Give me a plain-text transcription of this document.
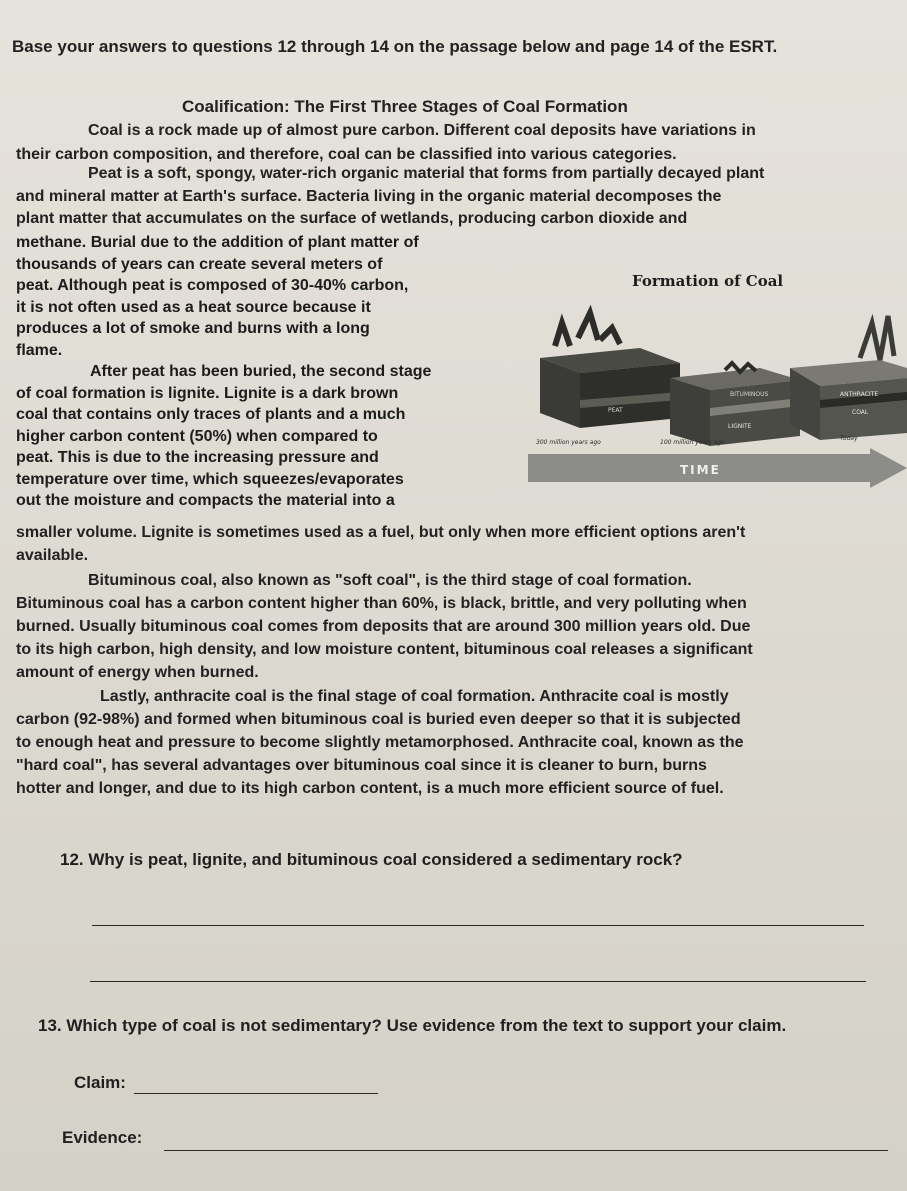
Base your answers to questions 12 through 14 on the passage below and page 14 of the ESRT.
Coalification: The First Three Stages of Coal Formation
Coal is a rock made up of almost pure carbon. Different coal deposits have variations in
their carbon composition, and therefore, coal can be classified into various categories.
Peat is a soft, spongy, water-rich organic material that forms from partially decayed plant
and mineral matter at Earth's surface. Bacteria living in the organic material decomposes the
plant matter that accumulates on the surface of wetlands, producing carbon dioxide and
methane. Burial due to the addition of plant matter of
thousands of years can create several meters of
peat. Although peat is composed of 30-40% carbon,
it is not often used as a heat source because it
produces a lot of smoke and burns with a long
flame.
After peat has been buried, the second stage
of coal formation is lignite. Lignite is a dark brown
coal that contains only traces of plants and a much
higher carbon content (50%) when compared to
peat. This is due to the increasing pressure and
temperature over time, which squeezes/evaporates
out the moisture and compacts the material into a
Formation of Coal
PEAT
BITUMINOUS
LIGNITE
ANTHRACITE
COAL
300 million years ago	100 million years ago
Today
TIME
smaller volume. Lignite is sometimes used as a fuel, but only when more efficient options aren't
available.
Bituminous coal, also known as "soft coal", is the third stage of coal formation.
Bituminous coal has a carbon content higher than 60%, is black, brittle, and very polluting when
burned. Usually bituminous coal comes from deposits that are around 300 million years old. Due
to its high carbon, high density, and low moisture content, bituminous coal releases a significant
amount of energy when burned.
Lastly, anthracite coal is the final stage of coal formation. Anthracite coal is mostly
carbon (92-98%) and formed when bituminous coal is buried even deeper so that it is subjected
to enough heat and pressure to become slightly metamorphosed. Anthracite coal, known as the
"hard coal", has several advantages over bituminous coal since it is cleaner to burn, burns
hotter and longer, and due to its high carbon content, is a much more efficient source of fuel.
12. Why is peat, lignite, and bituminous coal considered a sedimentary rock?
13. Which type of coal is not sedimentary? Use evidence from the text to support your claim.
Claim:
Evidence:
